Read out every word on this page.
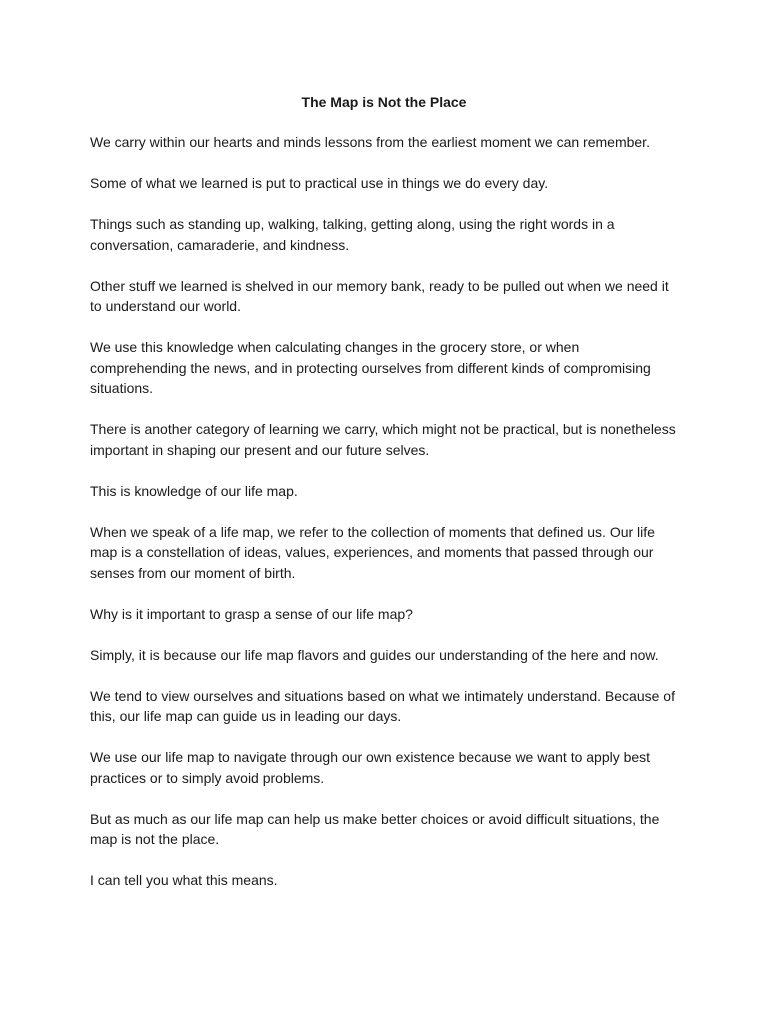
The Map is Not the Place

We carry within our hearts and minds lessons from the earliest moment we can remember.

Some of what we learned is put to practical use in things we do every day.

Things such as standing up, walking, talking, getting along, using the right words in a conversation, camaraderie, and kindness.

Other stuff we learned is shelved in our memory bank, ready to be pulled out when we need it to understand our world.

We use this knowledge when calculating changes in the grocery store, or when comprehending the news, and in protecting ourselves from different kinds of compromising situations.

There is another category of learning we carry, which might not be practical, but is nonetheless important in shaping our present and our future selves.

This is knowledge of our life map.

When we speak of a life map, we refer to the collection of moments that defined us. Our life map is a constellation of ideas, values, experiences, and moments that passed through our senses from our moment of birth.

Why is it important to grasp a sense of our life map?

Simply, it is because our life map flavors and guides our understanding of the here and now.

We tend to view ourselves and situations based on what we intimately understand. Because of this, our life map can guide us in leading our days.

We use our life map to navigate through our own existence because we want to apply best practices or to simply avoid problems.

But as much as our life map can help us make better choices or avoid difficult situations, the map is not the place.

I can tell you what this means.
